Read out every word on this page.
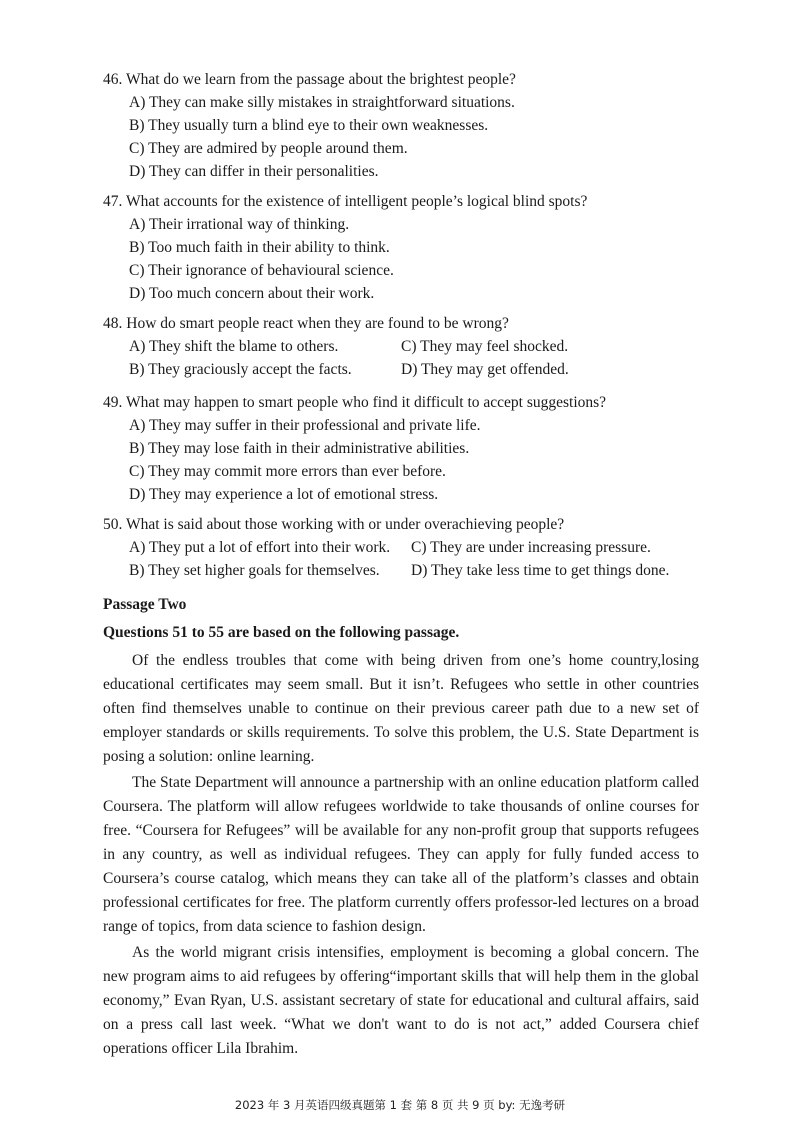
46. What do we learn from the passage about the brightest people?
A) They can make silly mistakes in straightforward situations.
B) They usually turn a blind eye to their own weaknesses.
C) They are admired by people around them.
D) They can differ in their personalities.
47. What accounts for the existence of intelligent people’s logical blind spots?
A) Their irrational way of thinking.
B) Too much faith in their ability to think.
C) Their ignorance of behavioural science.
D) Too much concern about their work.
48. How do smart people react when they are found to be wrong?
A) They shift the blame to others.	C) They may feel shocked.
B) They graciously accept the facts.	D) They may get offended.
49. What may happen to smart people who find it difficult to accept suggestions?
A) They may suffer in their professional and private life.
B) They may lose faith in their administrative abilities.
C) They may commit more errors than ever before.
D) They may experience a lot of emotional stress.
50. What is said about those working with or under overachieving people?
A) They put a lot of effort into their work.	C) They are under increasing pressure.
B) They set higher goals for themselves.	D) They take less time to get things done.
Passage Two
Questions 51 to 55 are based on the following passage.

Of the endless troubles that come with being driven from one’s home country,losing educational certificates may seem small. But it isn’t. Refugees who settle in other countries often find themselves unable to continue on their previous career path due to a new set of employer standards or skills requirements. To solve this problem, the U.S. State Department is posing a solution: online learning.

The State Department will announce a partnership with an online education platform called Coursera. The platform will allow refugees worldwide to take thousands of online courses for free. “Coursera for Refugees” will be available for any non-profit group that supports refugees in any country, as well as individual refugees. They can apply for fully funded access to Coursera’s course catalog, which means they can take all of the platform’s classes and obtain professional certificates for free. The platform currently offers professor-led lectures on a broad range of topics, from data science to fashion design.

As the world migrant crisis intensifies, employment is becoming a global concern. The new program aims to aid refugees by offering“important skills that will help them in the global economy,” Evan Ryan, U.S. assistant secretary of state for educational and cultural affairs, said on a press call last week. “What we don't want to do is not act,” added Coursera chief operations officer Lila Ibrahim.

2023 年 3 月英语四级真题第 1 套 第 8 页 共 9 页 by: 无逸考研
